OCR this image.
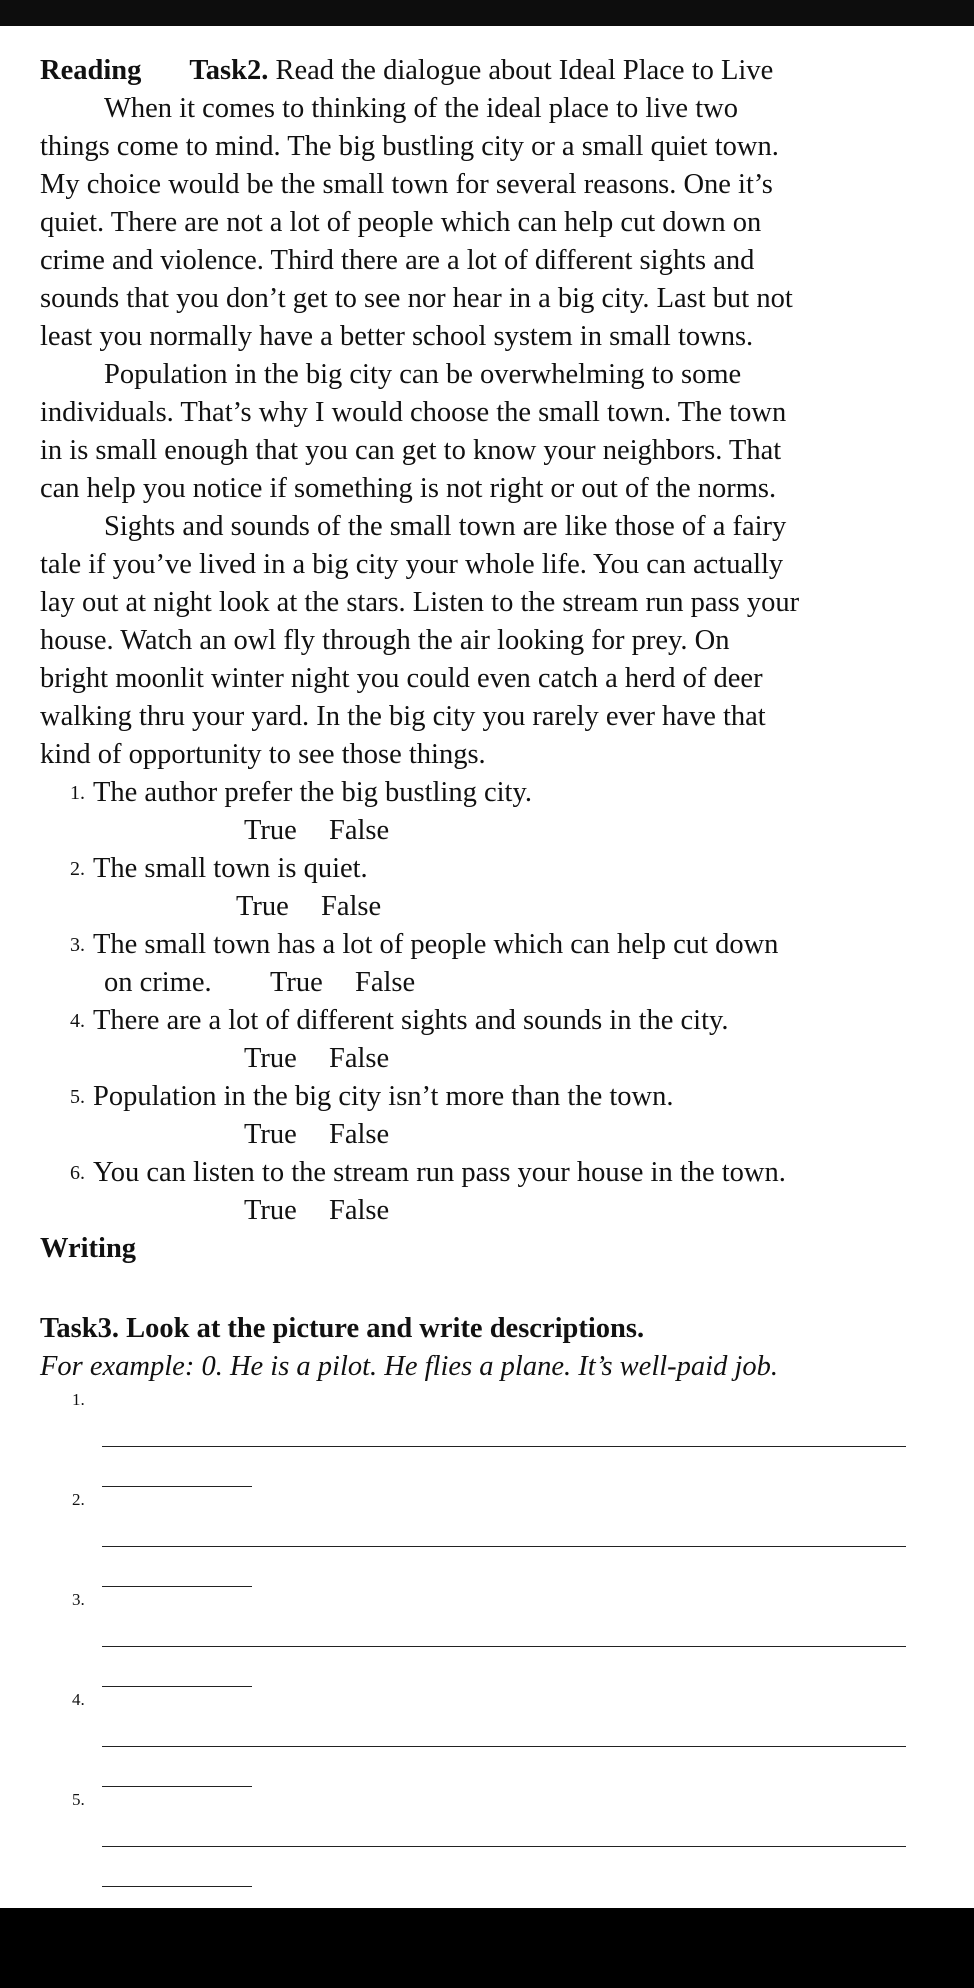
Reading Task2. Read the dialogue about Ideal Place to Live
When it comes to thinking of the ideal place to live two
things come to mind. The big bustling city or a small quiet town.
My choice would be the small town for several reasons. One it’s
quiet. There are not a lot of people which can help cut down on
crime and violence. Third there are a lot of different sights and
sounds that you don’t get to see nor hear in a big city. Last but not
least you normally have a better school system in small towns.
Population in the big city can be overwhelming to some
individuals. That’s why I would choose the small town. The town
in is small enough that you can get to know your neighbors. That
can help you notice if something is not right or out of the norms.
Sights and sounds of the small town are like those of a fairy
tale if you’ve lived in a big city your whole life. You can actually
lay out at night look at the stars. Listen to the stream run pass your
house. Watch an owl fly through the air looking for prey. On
bright moonlit winter night you could even catch a herd of deer
walking thru your yard. In the big city you rarely ever have that
kind of opportunity to see those things.
1. The author prefer the big bustling city.
True False
2. The small town is quiet.
True False
3. The small town has a lot of people which can help cut down
on crime. True False
4. There are a lot of different sights and sounds in the city.
True False
5. Population in the big city isn’t more than the town.
True False
6. You can listen to the stream run pass your house in the town.
True False
Writing
Task3. Look at the picture and write descriptions.
For example: 0. He is a pilot. He flies a plane. It’s well-paid job.
1.
2.
3.
4.
5.
